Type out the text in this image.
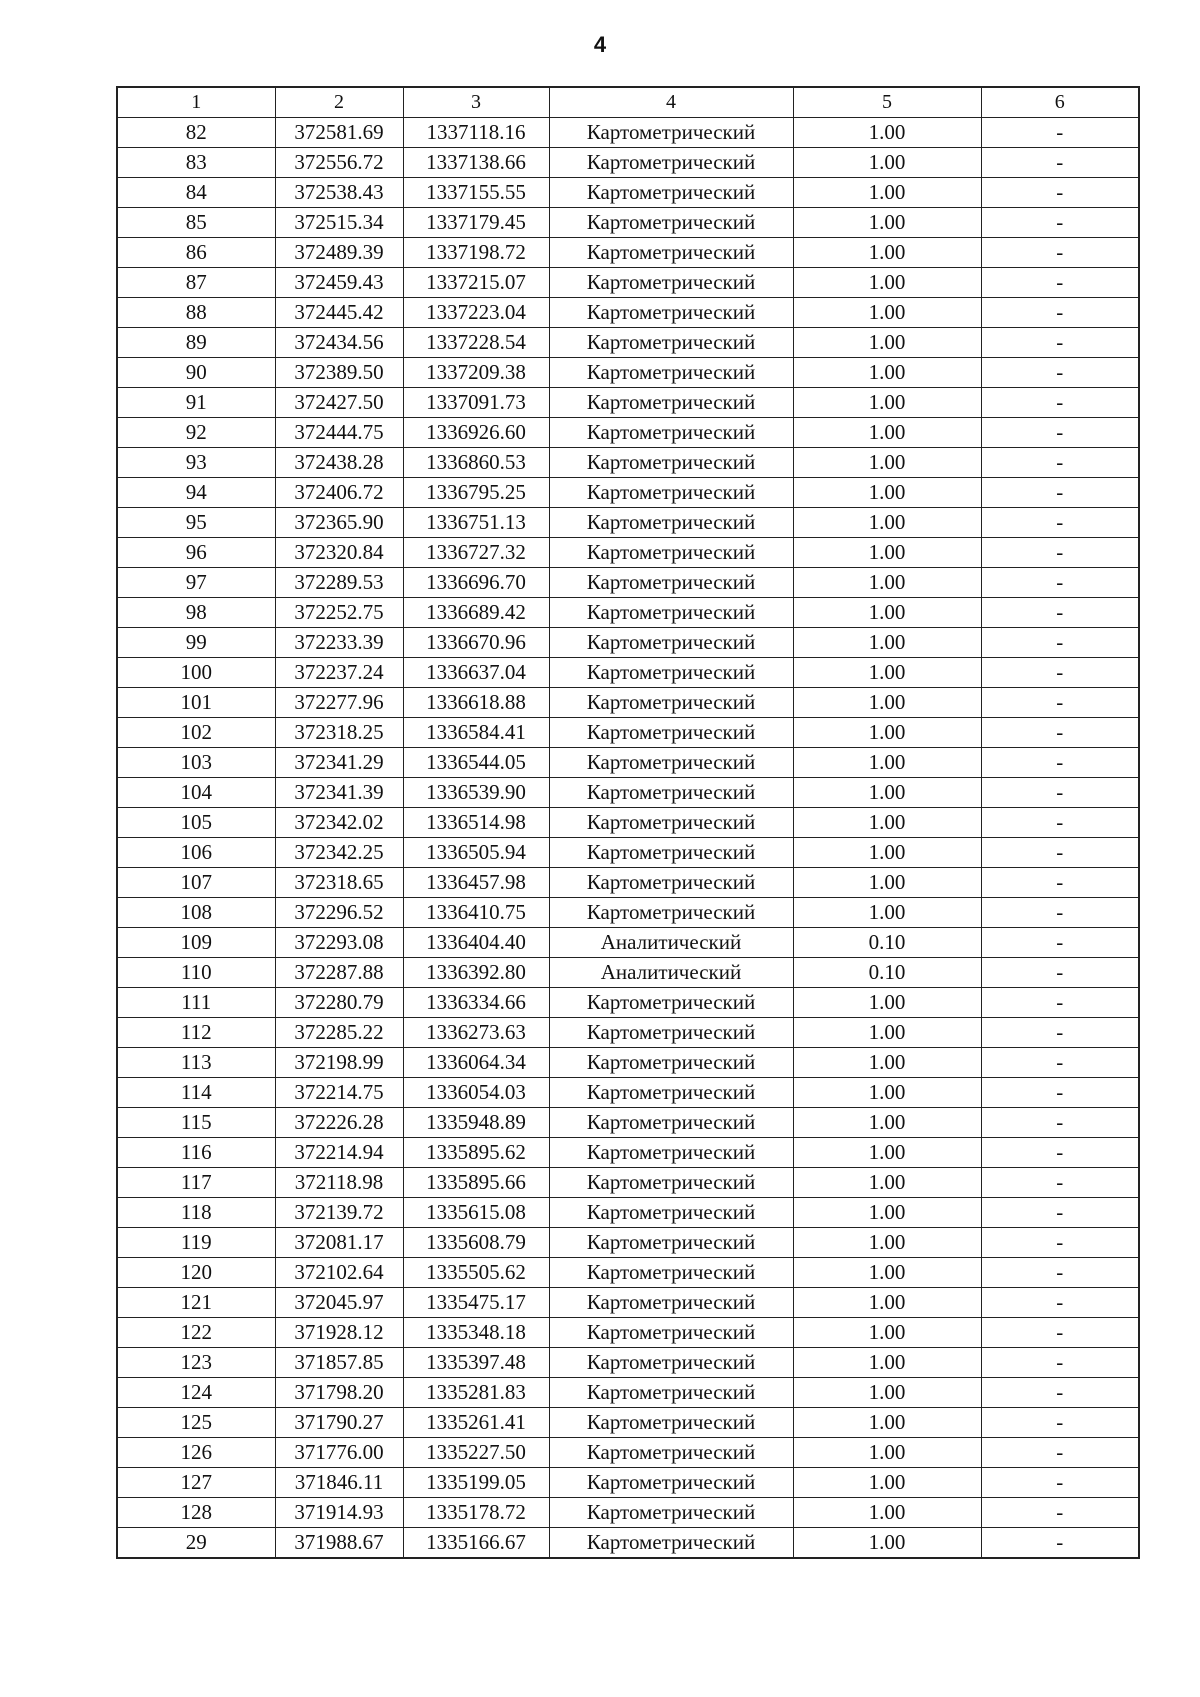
4
1	2	3	4	5	6
82	372581.69	1337118.16	Картометрический	1.00	-
83	372556.72	1337138.66	Картометрический	1.00	-
84	372538.43	1337155.55	Картометрический	1.00	-
85	372515.34	1337179.45	Картометрический	1.00	-
86	372489.39	1337198.72	Картометрический	1.00	-
87	372459.43	1337215.07	Картометрический	1.00	-
88	372445.42	1337223.04	Картометрический	1.00	-
89	372434.56	1337228.54	Картометрический	1.00	-
90	372389.50	1337209.38	Картометрический	1.00	-
91	372427.50	1337091.73	Картометрический	1.00	-
92	372444.75	1336926.60	Картометрический	1.00	-
93	372438.28	1336860.53	Картометрический	1.00	-
94	372406.72	1336795.25	Картометрический	1.00	-
95	372365.90	1336751.13	Картометрический	1.00	-
96	372320.84	1336727.32	Картометрический	1.00	-
97	372289.53	1336696.70	Картометрический	1.00	-
98	372252.75	1336689.42	Картометрический	1.00	-
99	372233.39	1336670.96	Картометрический	1.00	-
100	372237.24	1336637.04	Картометрический	1.00	-
101	372277.96	1336618.88	Картометрический	1.00	-
102	372318.25	1336584.41	Картометрический	1.00	-
103	372341.29	1336544.05	Картометрический	1.00	-
104	372341.39	1336539.90	Картометрический	1.00	-
105	372342.02	1336514.98	Картометрический	1.00	-
106	372342.25	1336505.94	Картометрический	1.00	-
107	372318.65	1336457.98	Картометрический	1.00	-
108	372296.52	1336410.75	Картометрический	1.00	-
109	372293.08	1336404.40	Аналитический	0.10	-
110	372287.88	1336392.80	Аналитический	0.10	-
111	372280.79	1336334.66	Картометрический	1.00	-
112	372285.22	1336273.63	Картометрический	1.00	-
113	372198.99	1336064.34	Картометрический	1.00	-
114	372214.75	1336054.03	Картометрический	1.00	-
115	372226.28	1335948.89	Картометрический	1.00	-
116	372214.94	1335895.62	Картометрический	1.00	-
117	372118.98	1335895.66	Картометрический	1.00	-
118	372139.72	1335615.08	Картометрический	1.00	-
119	372081.17	1335608.79	Картометрический	1.00	-
120	372102.64	1335505.62	Картометрический	1.00	-
121	372045.97	1335475.17	Картометрический	1.00	-
122	371928.12	1335348.18	Картометрический	1.00	-
123	371857.85	1335397.48	Картометрический	1.00	-
124	371798.20	1335281.83	Картометрический	1.00	-
125	371790.27	1335261.41	Картометрический	1.00	-
126	371776.00	1335227.50	Картометрический	1.00	-
127	371846.11	1335199.05	Картометрический	1.00	-
128	371914.93	1335178.72	Картометрический	1.00	-
29	371988.67	1335166.67	Картометрический	1.00	-
